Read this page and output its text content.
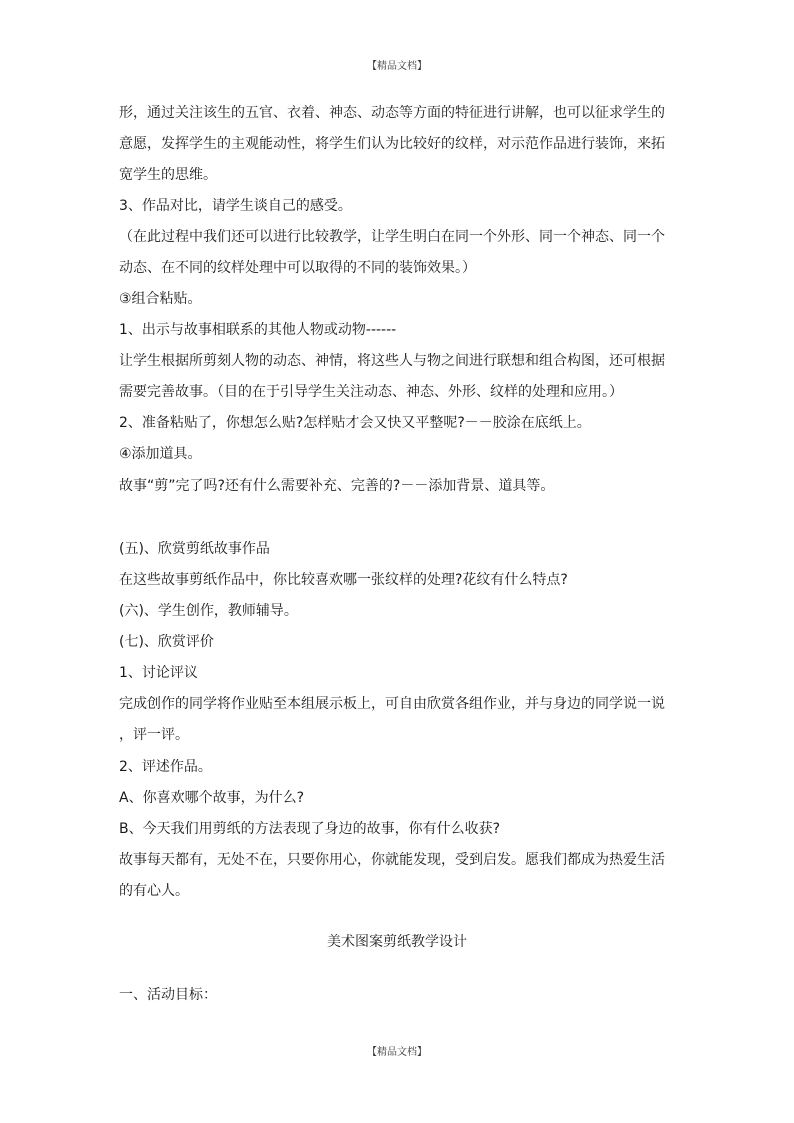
【精品文档】
形，通过关注该生的五官、衣着、神态、动态等方面的特征进行讲解，也可以征求学生的
意愿，发挥学生的主观能动性，将学生们认为比较好的纹样，对示范作品进行装饰，来拓
宽学生的思维。
3、作品对比，请学生谈自己的感受。
（在此过程中我们还可以进行比较教学，让学生明白在同一个外形、同一个神态、同一个
动态、在不同的纹样处理中可以取得的不同的装饰效果。）
③组合粘贴。
1、出示与故事相联系的其他人物或动物------
让学生根据所剪刻人物的动态、神情，将这些人与物之间进行联想和组合构图，还可根据
需要完善故事。（目的在于引导学生关注动态、神态、外形、纹样的处理和应用。）
2、准备粘贴了，你想怎么贴?怎样贴才会又快又平整呢?－－胶涂在底纸上。
④添加道具。
故事“剪”完了吗?还有什么需要补充、完善的?－－添加背景、道具等。
(五)、欣赏剪纸故事作品
在这些故事剪纸作品中，你比较喜欢哪一张纹样的处理?花纹有什么特点?
(六)、学生创作，教师辅导。
(七)、欣赏评价
1、讨论评议
完成创作的同学将作业贴至本组展示板上，可自由欣赏各组作业，并与身边的同学说一说
，评一评。
2、评述作品。
A、你喜欢哪个故事，为什么?
B、今天我们用剪纸的方法表现了身边的故事，你有什么收获?
故事每天都有，无处不在，只要你用心，你就能发现，受到启发。愿我们都成为热爱生活
的有心人。
美术图案剪纸教学设计
一、活动目标：
【精品文档】
